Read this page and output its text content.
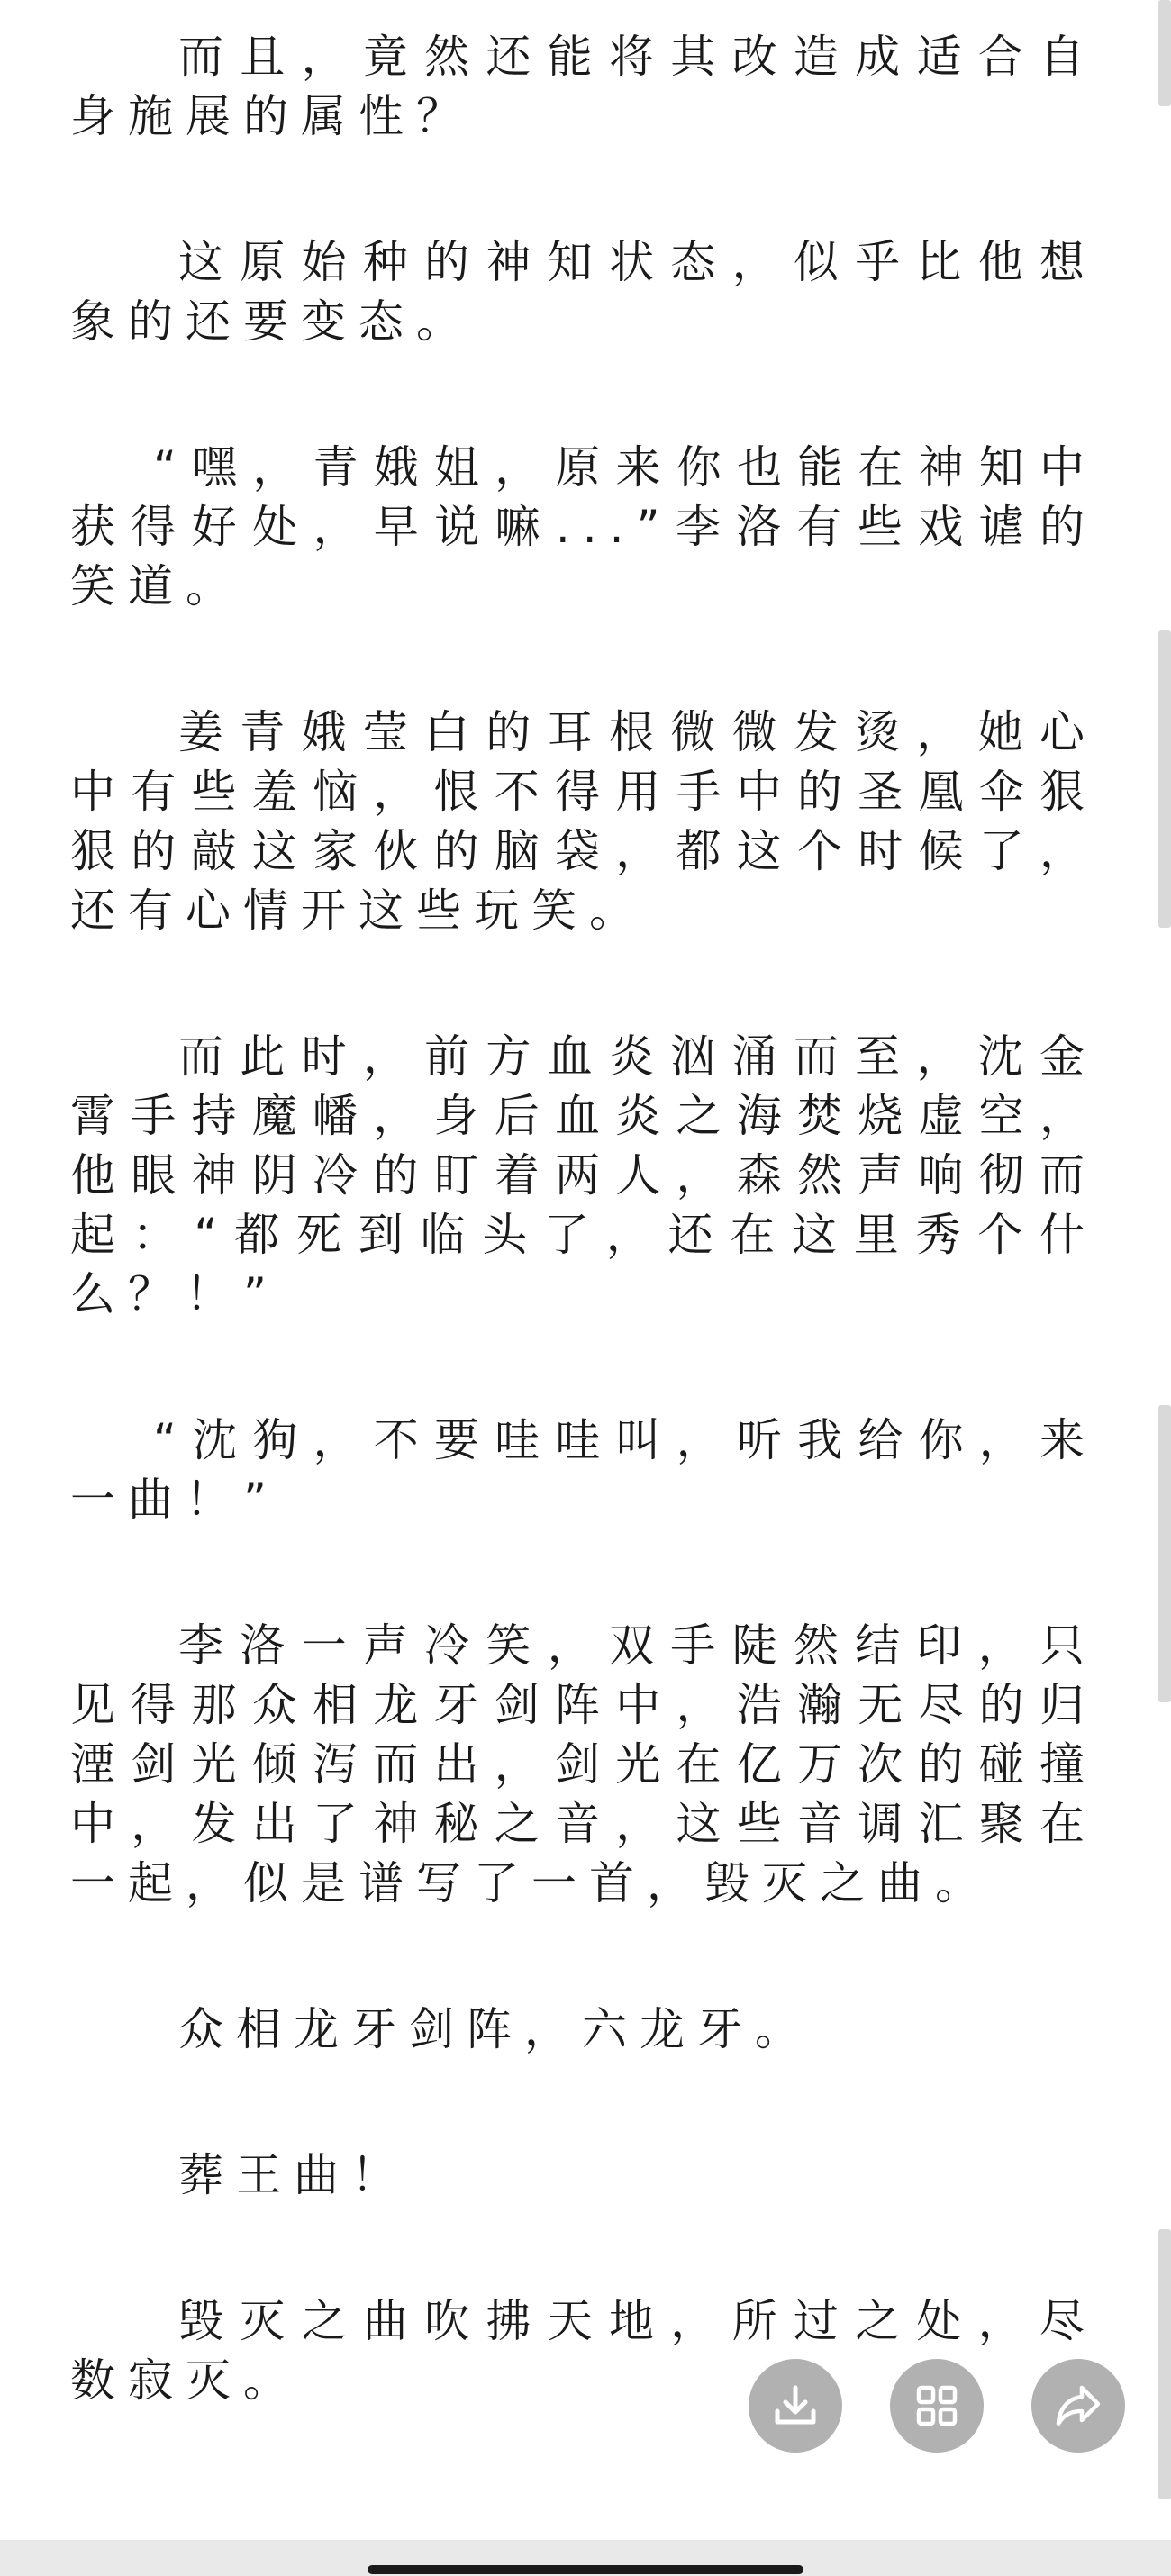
而且，竟然还能将其改造成适合自身施展的属性？

这原始种的神知状态，似乎比他想象的还要变态。

“嘿，青娥姐，原来你也能在神知中获得好处，早说嘛...”李洛有些戏谑的笑道。

姜青娥莹白的耳根微微发烫，她心中有些羞恼，恨不得用手中的圣凰伞狠狠的敲这家伙的脑袋，都这个时候了，还有心情开这些玩笑。

而此时，前方血炎汹涌而至，沈金霄手持魔幡，身后血炎之海焚烧虚空，他眼神阴冷的盯着两人，森然声响彻而起：“都死到临头了，还在这里秀个什么？！”

“沈狗，不要哇哇叫，听我给你，来一曲！”

李洛一声冷笑，双手陡然结印，只见得那众相龙牙剑阵中，浩瀚无尽的归湮剑光倾泻而出，剑光在亿万次的碰撞中，发出了神秘之音，这些音调汇聚在一起，似是谱写了一首，毁灭之曲。

众相龙牙剑阵，六龙牙。

葬王曲！

毁灭之曲吹拂天地，所过之处，尽数寂灭。
